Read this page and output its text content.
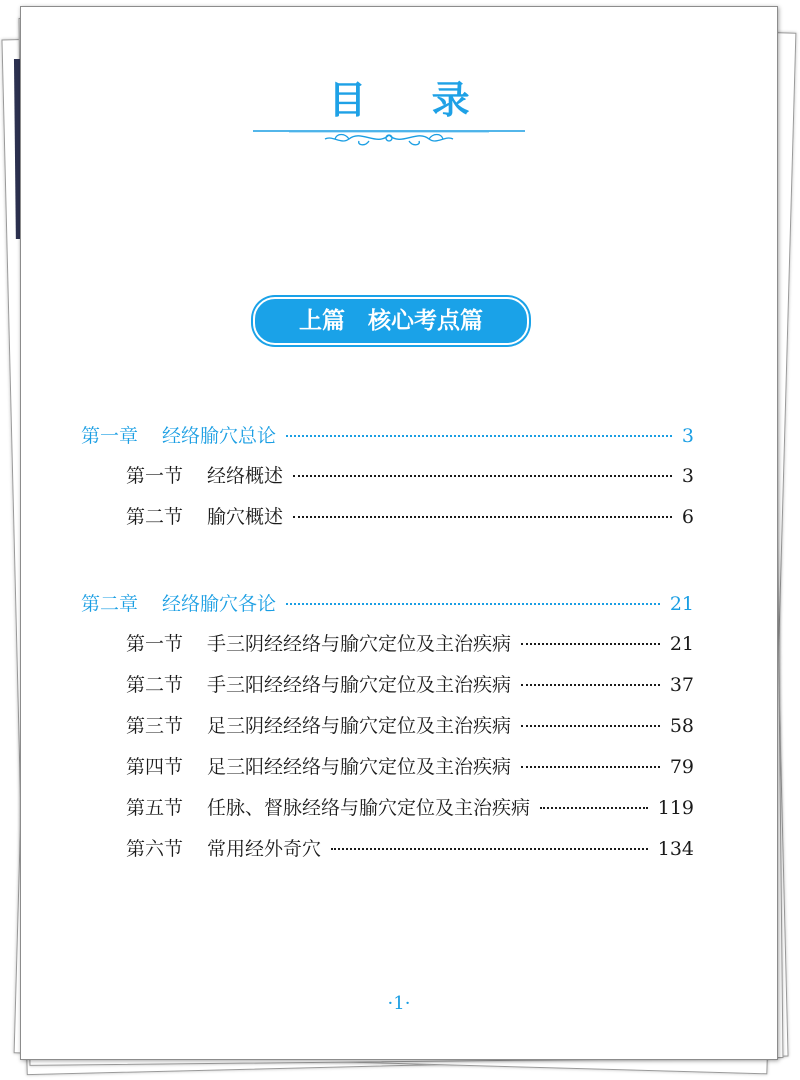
目 录
上篇　核心考点篇
第一章 经络腧穴总论	3
第一节 经络概述	3
第二节 腧穴概述	6
第二章 经络腧穴各论	21
第一节 手三阴经经络与腧穴定位及主治疾病	21
第二节 手三阳经经络与腧穴定位及主治疾病	37
第三节 足三阴经经络与腧穴定位及主治疾病	58
第四节 足三阳经经络与腧穴定位及主治疾病	79
第五节 任脉、督脉经络与腧穴定位及主治疾病	119
第六节 常用经外奇穴	134
·1·
